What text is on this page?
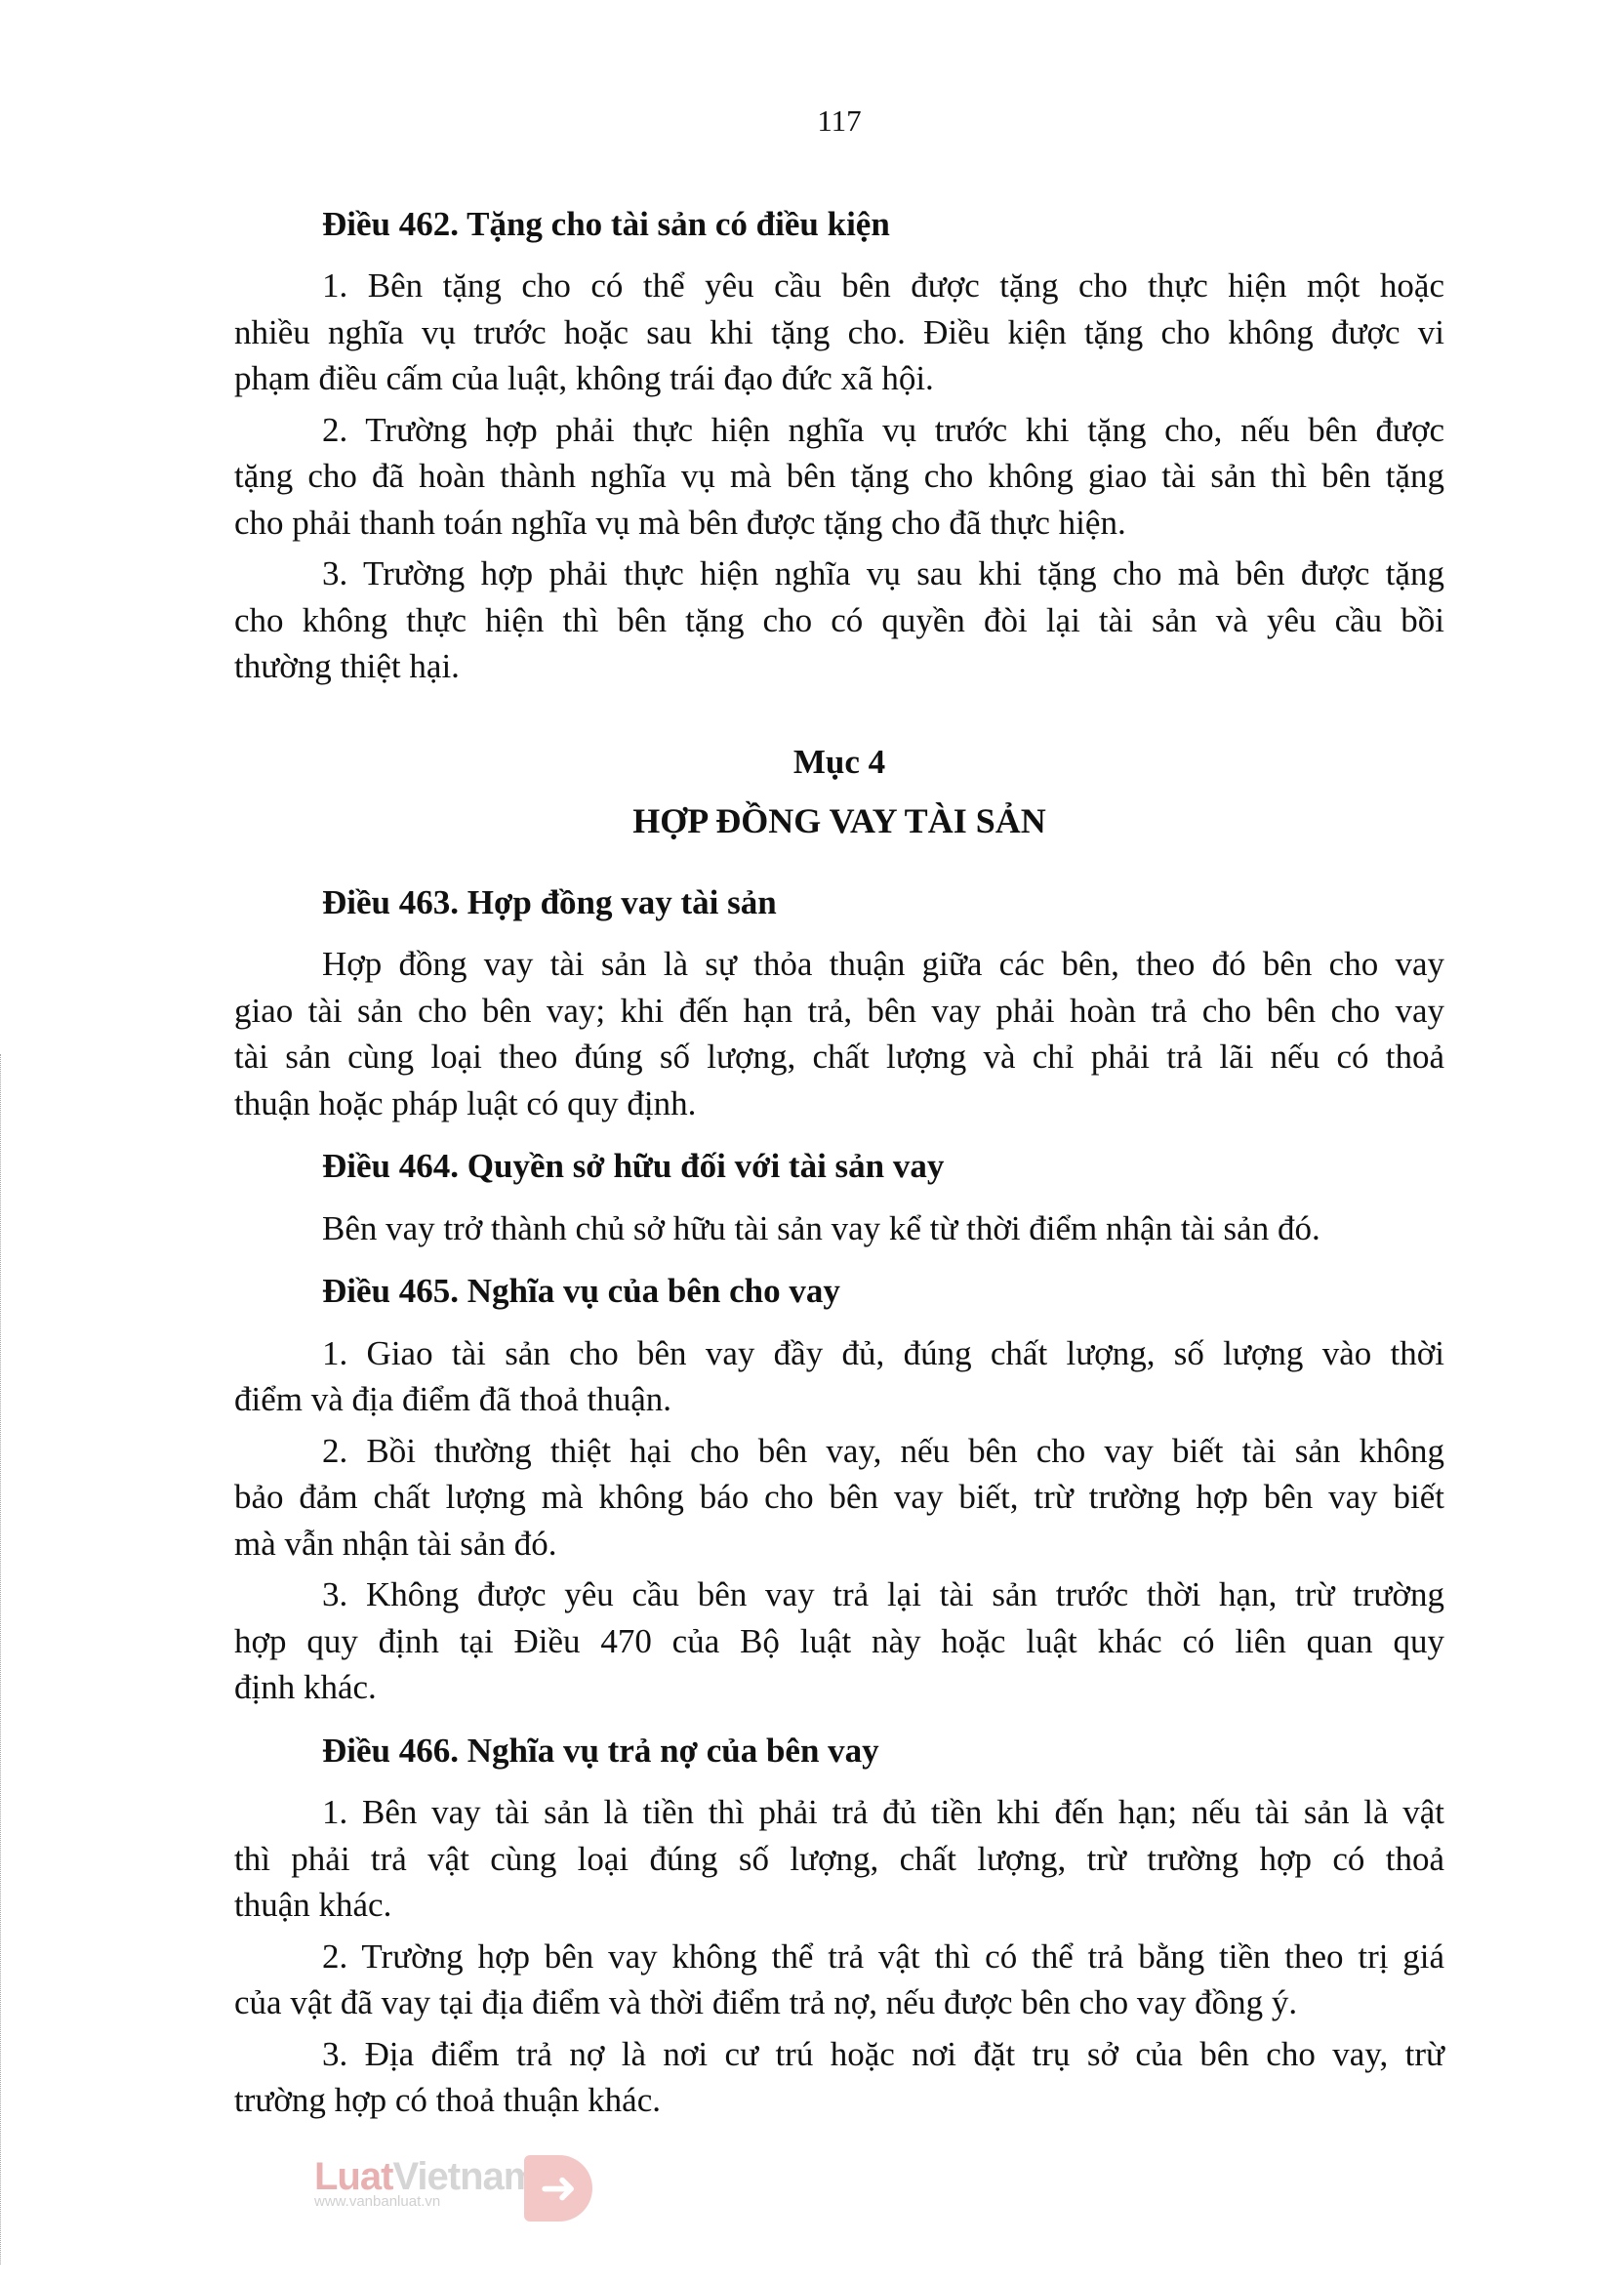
117
Điều 462. Tặng cho tài sản có điều kiện
1. Bên tặng cho có thể yêu cầu bên được tặng cho thực hiện một hoặc
nhiều nghĩa vụ trước hoặc sau khi tặng cho. Điều kiện tặng cho không được vi
phạm điều cấm của luật, không trái đạo đức xã hội.
2. Trường hợp phải thực hiện nghĩa vụ trước khi tặng cho, nếu bên được
tặng cho đã hoàn thành nghĩa vụ mà bên tặng cho không giao tài sản thì bên tặng
cho phải thanh toán nghĩa vụ mà bên được tặng cho đã thực hiện.
3. Trường hợp phải thực hiện nghĩa vụ sau khi tặng cho mà bên được tặng
cho không thực hiện thì bên tặng cho có quyền đòi lại tài sản và yêu cầu bồi
thường thiệt hại.
Mục 4
HỢP ĐỒNG VAY TÀI SẢN
Điều 463. Hợp đồng vay tài sản
Hợp đồng vay tài sản là sự thỏa thuận giữa các bên, theo đó bên cho vay
giao tài sản cho bên vay; khi đến hạn trả, bên vay phải hoàn trả cho bên cho vay
tài sản cùng loại theo đúng số lượng, chất lượng và chỉ phải trả lãi nếu có thoả
thuận hoặc pháp luật có quy định.
Điều 464. Quyền sở hữu đối với tài sản vay
Bên vay trở thành chủ sở hữu tài sản vay kể từ thời điểm nhận tài sản đó.
Điều 465. Nghĩa vụ của bên cho vay
1. Giao tài sản cho bên vay đầy đủ, đúng chất lượng, số lượng vào thời
điểm và địa điểm đã thoả thuận.
2. Bồi thường thiệt hại cho bên vay, nếu bên cho vay biết tài sản không
bảo đảm chất lượng mà không báo cho bên vay biết, trừ trường hợp bên vay biết
mà vẫn nhận tài sản đó.
3. Không được yêu cầu bên vay trả lại tài sản trước thời hạn, trừ trường
hợp quy định tại Điều 470 của Bộ luật này hoặc luật khác có liên quan quy
định khác.
Điều 466. Nghĩa vụ trả nợ của bên vay
1. Bên vay tài sản là tiền thì phải trả đủ tiền khi đến hạn; nếu tài sản là vật
thì phải trả vật cùng loại đúng số lượng, chất lượng, trừ trường hợp có thoả
thuận khác.
2. Trường hợp bên vay không thể trả vật thì có thể trả bằng tiền theo trị giá
của vật đã vay tại địa điểm và thời điểm trả nợ, nếu được bên cho vay đồng ý.
3. Địa điểm trả nợ là nơi cư trú hoặc nơi đặt trụ sở của bên cho vay, trừ
trường hợp có thoả thuận khác.
LuatVietnam
www.vanbanluat.vn	➜
